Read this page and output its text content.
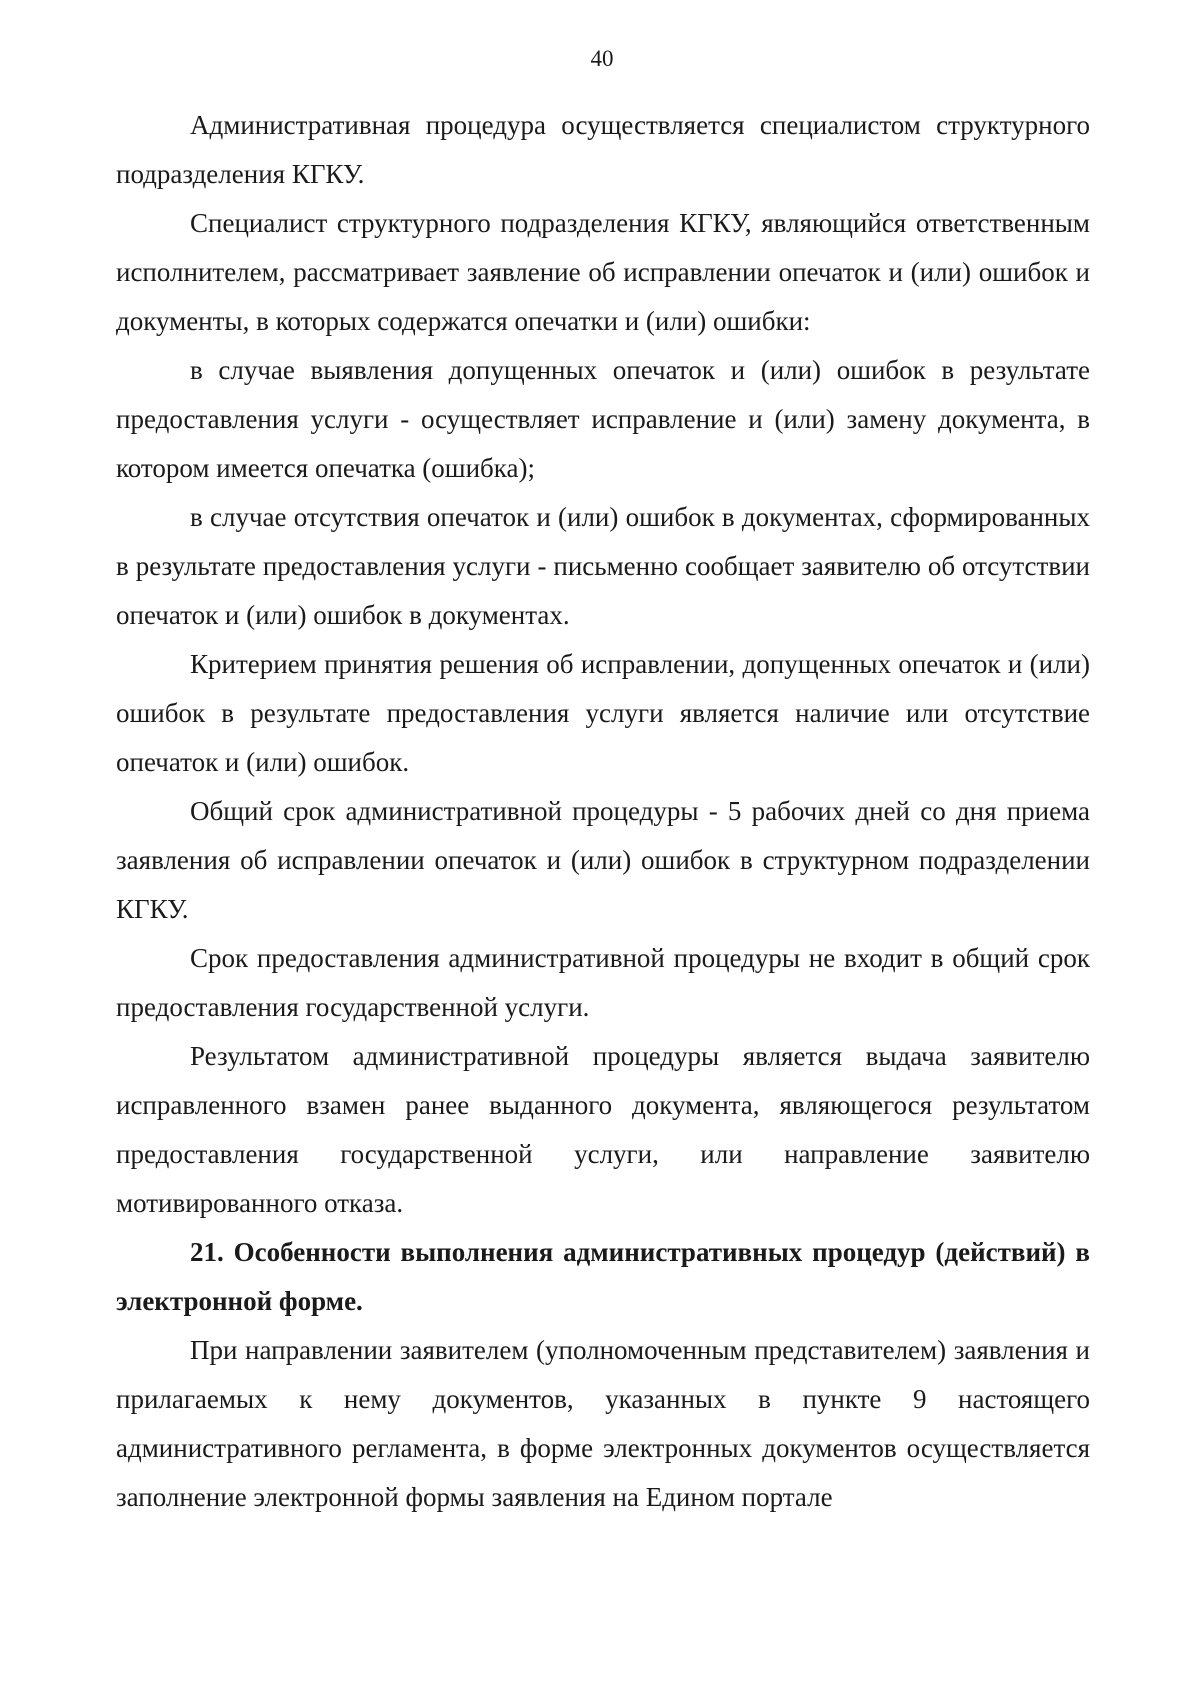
40

Административная процедура осуществляется специалистом структурного подразделения КГКУ.

Специалист структурного подразделения КГКУ, являющийся ответственным исполнителем, рассматривает заявление об исправлении опечаток и (или) ошибок и документы, в которых содержатся опечатки и (или) ошибки:

в случае выявления допущенных опечаток и (или) ошибок в результате предоставления услуги - осуществляет исправление и (или) замену документа, в котором имеется опечатка (ошибка);

в случае отсутствия опечаток и (или) ошибок в документах, сформированных в результате предоставления услуги - письменно сообщает заявителю об отсутствии опечаток и (или) ошибок в документах.

Критерием принятия решения об исправлении, допущенных опечаток и (или) ошибок в результате предоставления услуги является наличие или отсутствие опечаток и (или) ошибок.

Общий срок административной процедуры - 5 рабочих дней со дня приема заявления об исправлении опечаток и (или) ошибок в структурном подразделении КГКУ.

Срок предоставления административной процедуры не входит в общий срок предоставления государственной услуги.

Результатом административной процедуры является выдача заявителю исправленного взамен ранее выданного документа, являющегося результатом предоставления государственной услуги, или направление заявителю мотивированного отказа.

21. Особенности выполнения административных процедур (действий) в электронной форме.

При направлении заявителем (уполномоченным представителем) заявления и прилагаемых к нему документов, указанных в пункте 9 настоящего административного регламента, в форме электронных документов осуществляется заполнение электронной формы заявления на Едином портале
